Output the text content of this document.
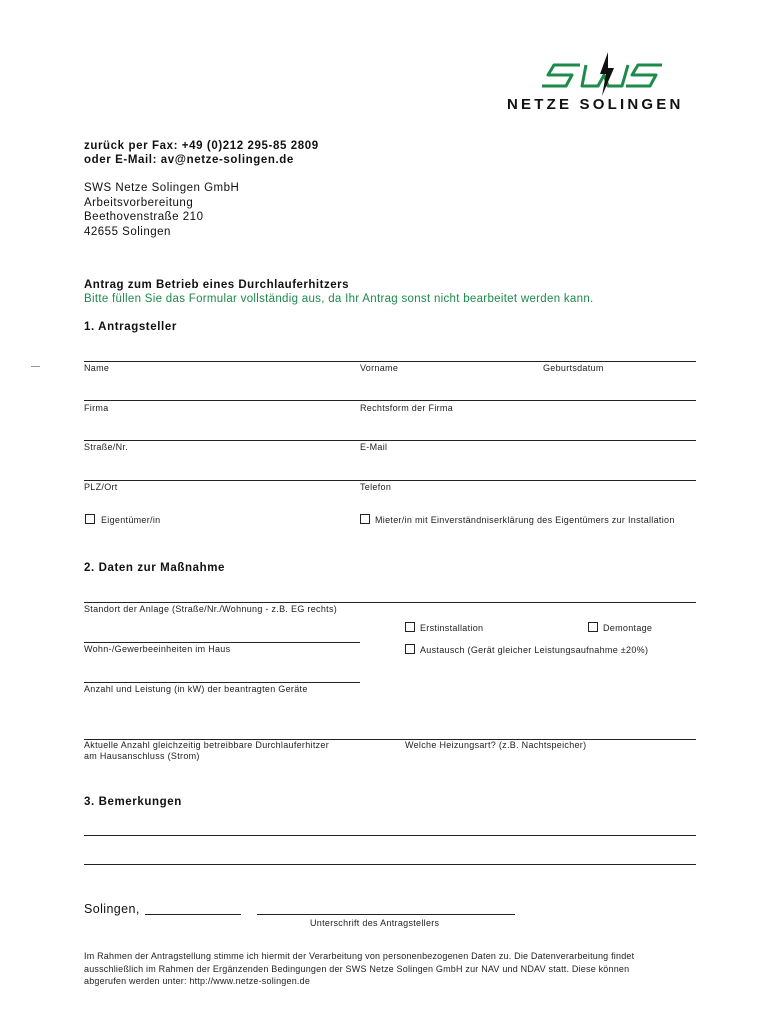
NETZE SOLINGEN
zurück per Fax: +49 (0)212 295-85 2809
oder E-Mail: av@netze-solingen.de
SWS Netze Solingen GmbH
Arbeitsvorbereitung
Beethovenstraße 210
42655 Solingen
Antrag zum Betrieb eines Durchlauferhitzers
Bitte füllen Sie das Formular vollständig aus, da Ihr Antrag sonst nicht bearbeitet werden kann.
1. Antragsteller
Name	Vorname	Geburtsdatum
Firma	Rechtsform der Firma
Straße/Nr.	E-Mail
PLZ/Ort	Telefon
Eigentümer/in	Mieter/in mit Einverständniserklärung des Eigentümers zur Installation
2. Daten zur Maßnahme
Standort der Anlage (Straße/Nr./Wohnung - z.B. EG rechts)
Erstinstallation	Demontage
Wohn-/Gewerbeeinheiten im Haus	Austausch (Gerät gleicher Leistungsaufnahme ±20%)
Anzahl und Leistung (in kW) der beantragten Geräte
Aktuelle Anzahl gleichzeitig betreibbare Durchlauferhitzer
am Hausanschluss (Strom)
Welche Heizungsart? (z.B. Nachtspeicher)
3. Bemerkungen
Solingen,
Unterschrift des Antragstellers
Im Rahmen der Antragstellung stimme ich hiermit der Verarbeitung von personenbezogenen Daten zu. Die Datenverarbeitung findet
ausschließlich im Rahmen der Ergänzenden Bedingungen der SWS Netze Solingen GmbH zur NAV und NDAV statt. Diese können
abgerufen werden unter: http://www.netze-solingen.de
